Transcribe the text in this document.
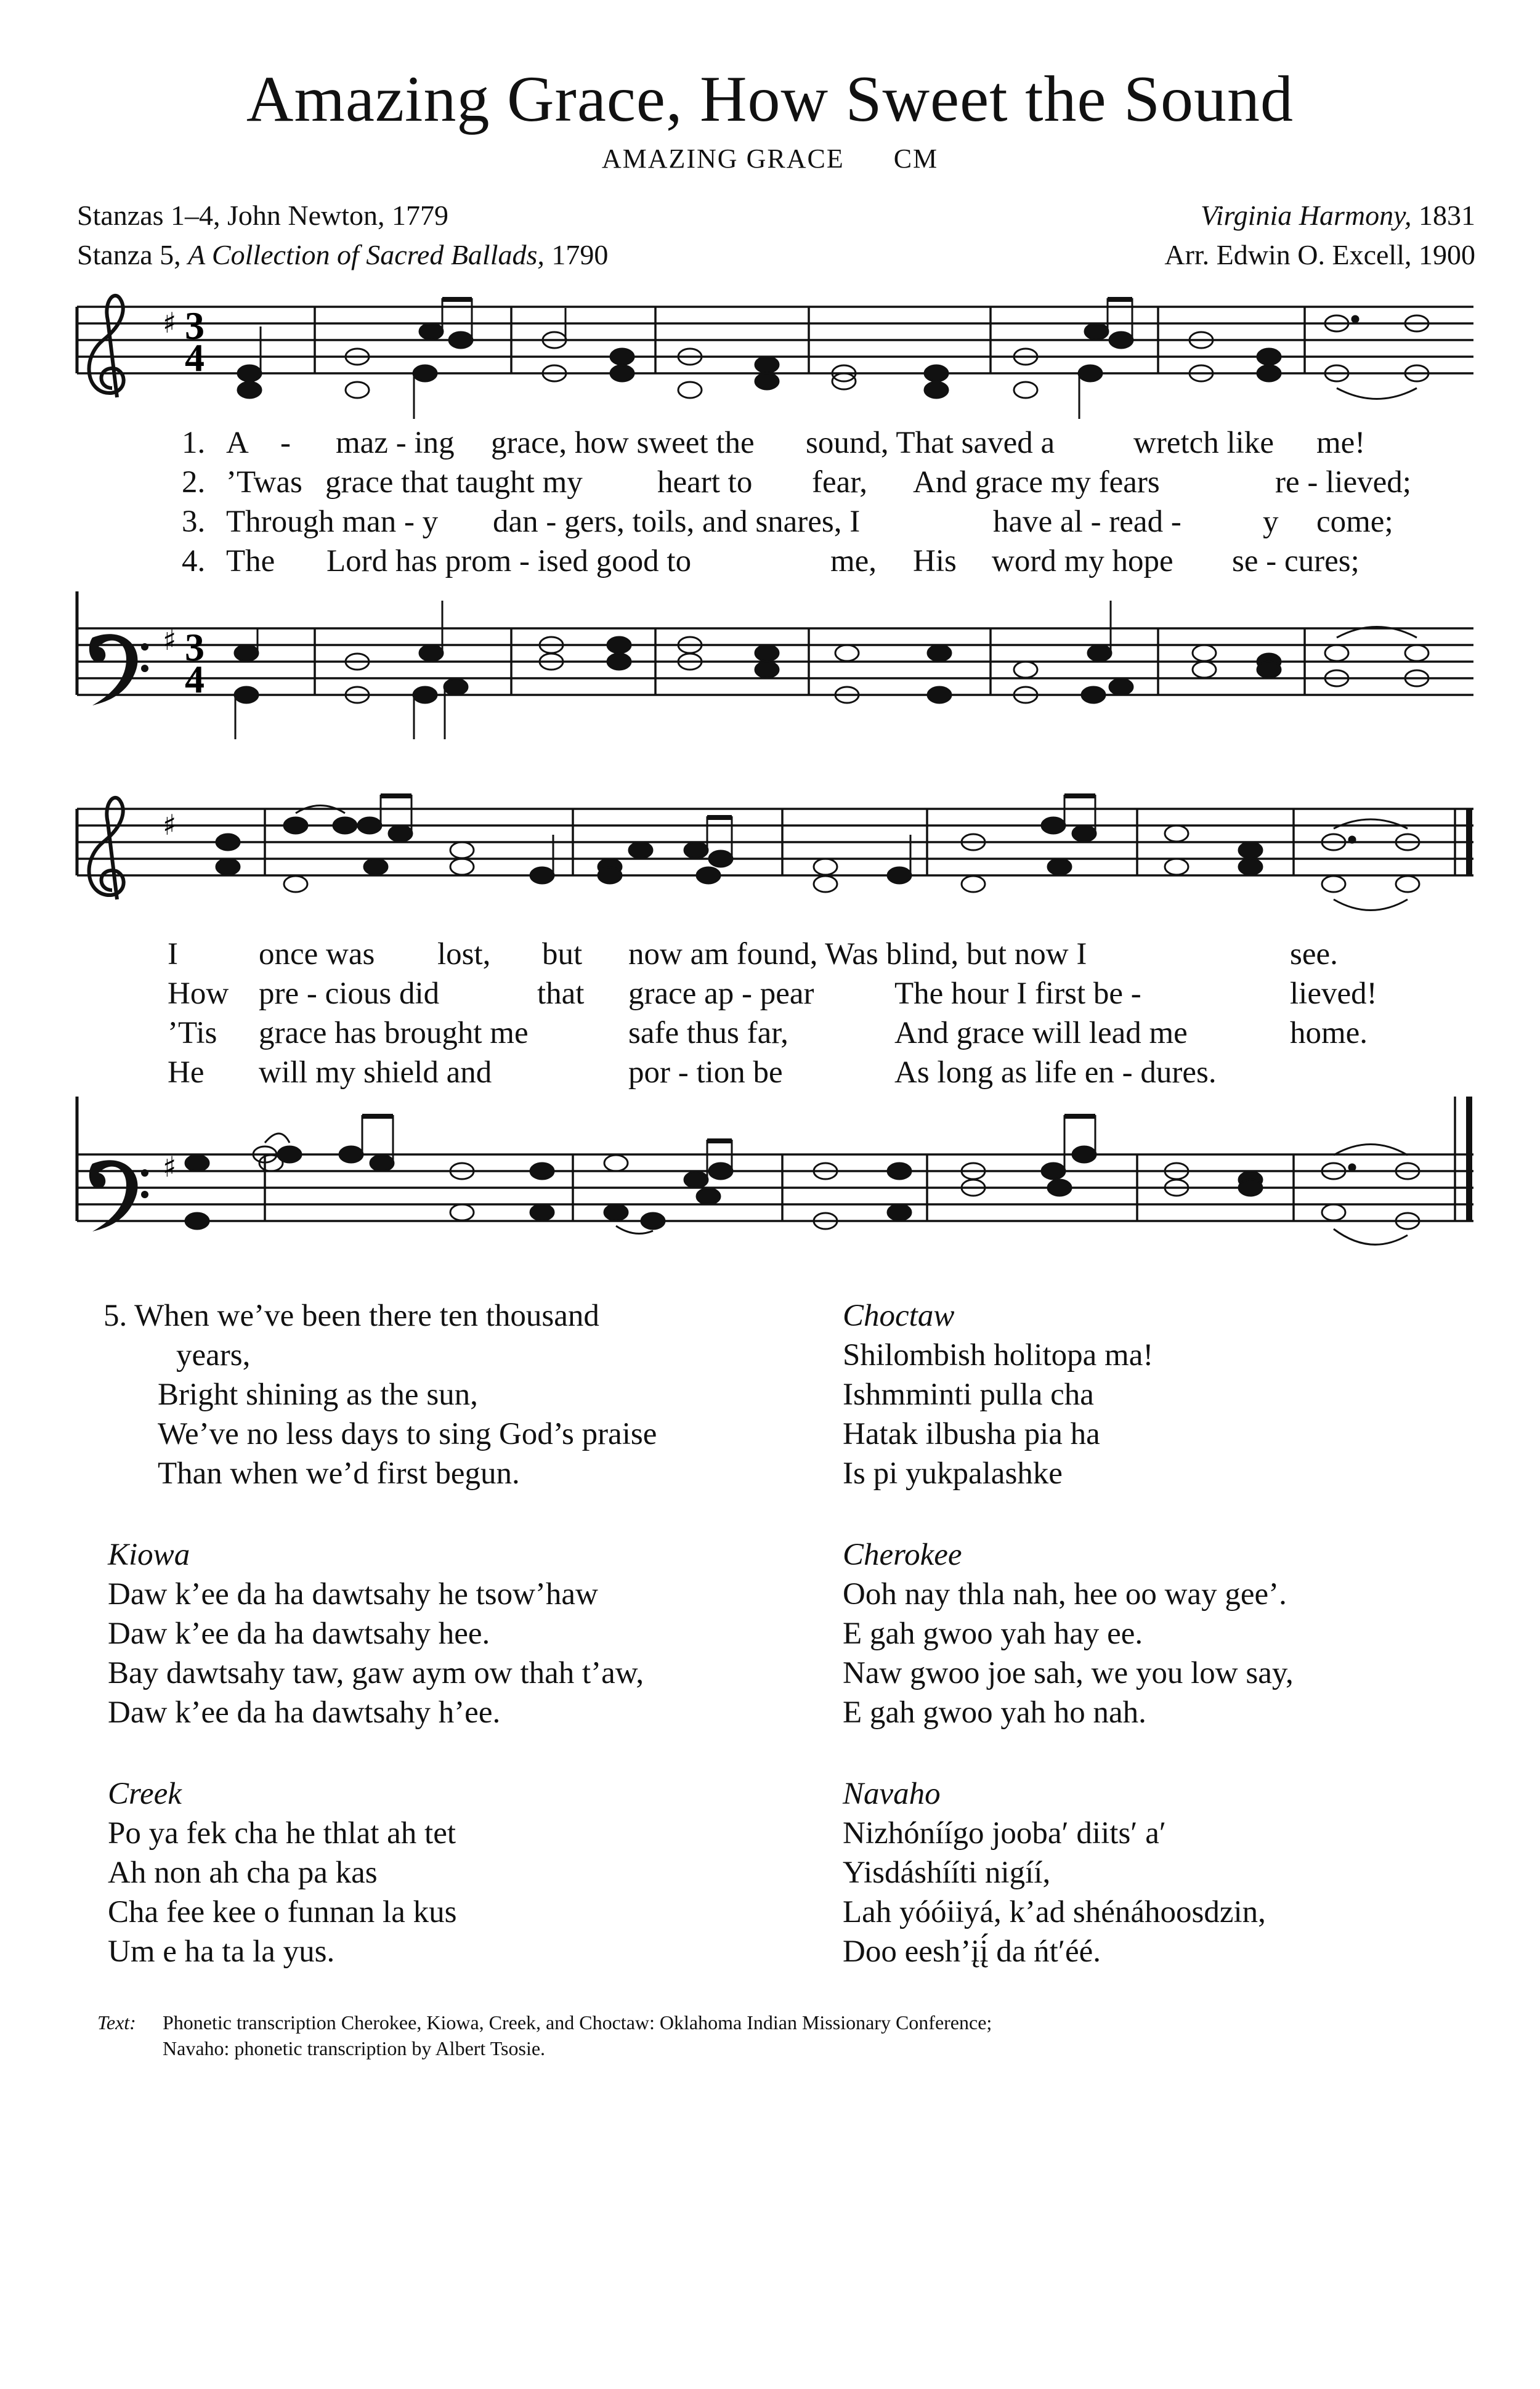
Amazing Grace, How Sweet the Sound
AMAZING GRACE CM
Stanzas 1–4, John Newton, 1779
Stanza 5, A Collection of Sacred Ballads, 1790
Virginia Harmony, 1831
Arr. Edwin O. Excell, 1900
♯ 3
4
1. A - maz - ing grace, how sweet the sound, That saved a	wretch like me!
2. ’Twas grace that taught my heart to fear, And grace my fears	re - lieved;
3. Through man - y dan - gers, toils, and snares, I	have al - read -	y come;
4. The Lord has prom - ised good to	me, His word my hope se - cures;
♯ 3
4
♯
I	once was lost, but now am found, Was blind, but now I	see.
How pre - cious did	that grace ap - pear	The hour I first be -	lieved!
’Tis grace has brought me	safe thus far,	And grace will lead me	home.
He will my shield and	por - tion be	As long as life en - dures.
♯
5. When we’ve been there ten thousand
years,
Bright shining as the sun,
We’ve no less days to sing God’s praise
Than when we’d first begun.
Choctaw
Shilombish holitopa ma!
Ishmminti pulla cha
Hatak ilbusha pia ha
Is pi yukpalashke
Kiowa
Daw k’ee da ha dawtsahy he tsow’haw
Daw k’ee da ha dawtsahy hee.
Bay dawtsahy taw, gaw aym ow thah t’aw,
Daw k’ee da ha dawtsahy h’ee.
Cherokee
Ooh nay thla nah, hee oo way gee’.
E gah gwoo yah hay ee.
Naw gwoo joe sah, we you low say,
E gah gwoo yah ho nah.
Creek
Po ya fek cha he thlat ah tet
Ah non ah cha pa kas
Cha fee kee o funnan la kus
Um e ha ta la yus.
Navaho
Nizhóníígo jooba′ diits′ a′
Yisdáshííti nigíí,
Lah yóóiiyá, k’ad shénáhoosdzin,
Doo eesh’įį́ da ńt′éé.
Text: Phonetic transcription Cherokee, Kiowa, Creek, and Choctaw: Oklahoma Indian Missionary Conference;
Navaho: phonetic transcription by Albert Tsosie.
